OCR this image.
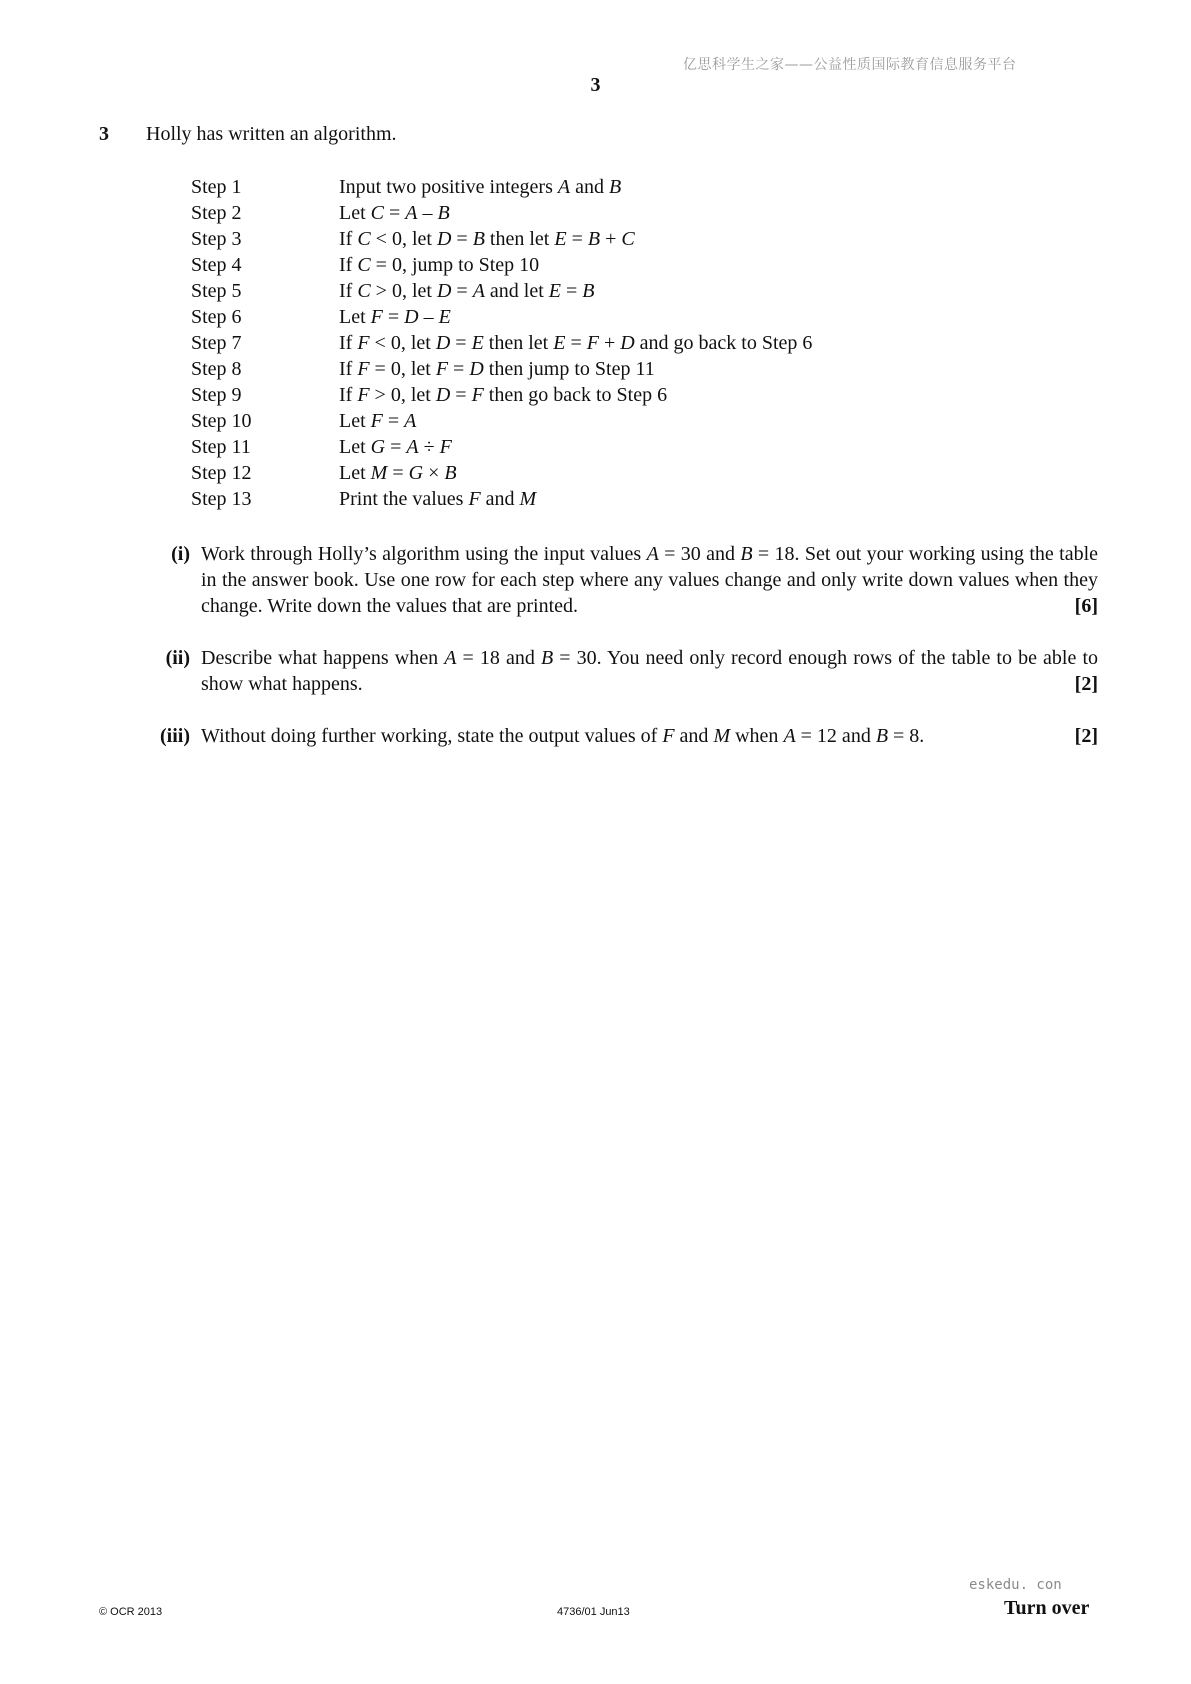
亿思科学生之家——公益性质国际教育信息服务平台
3
3 Holly has written an algorithm.
Step 1	Input two positive integers A and B
Step 2	Let C = A – B
Step 3	If C < 0, let D = B then let E = B + C
Step 4	If C = 0, jump to Step 10
Step 5	If C > 0, let D = A and let E = B
Step 6	Let F = D – E
Step 7	If F < 0, let D = E then let E = F + D and go back to Step 6
Step 8	If F = 0, let F = D then jump to Step 11
Step 9	If F > 0, let D = F then go back to Step 6
Step 10	Let F = A
Step 11	Let G = A ÷ F
Step 12	Let M = G × B
Step 13	Print the values F and M
(i) Work through Holly’s algorithm using the input values A = 30 and B = 18. Set out your working using the table in the answer book. Use one row for each step where any values change and only write down values when they change. Write down the values that are printed.	[6]
(ii) Describe what happens when A = 18 and B = 30. You need only record enough rows of the table to be able to show what happens.	[2]
(iii) Without doing further working, state the output values of F and M when A = 12 and B = 8.	[2]
eskedu. con
© OCR 2013	4736/01 Jun13	Turn over
